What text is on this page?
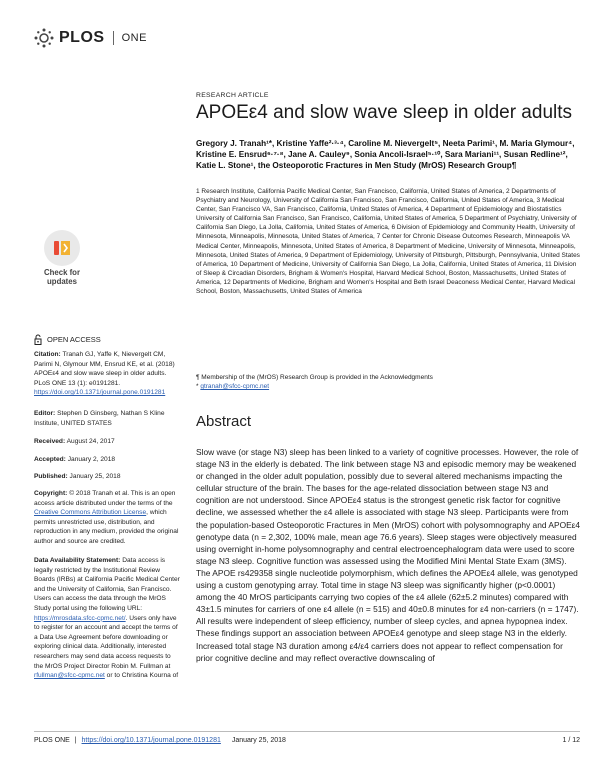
PLOS ONE
Check for
updates
OPEN ACCESS
Citation: Tranah GJ, Yaffe K, Nievergelt CM, Parimi N, Glymour MM, Ensrud KE, et al. (2018) APOEε4 and slow wave sleep in older adults. PLoS ONE 13 (1): e0191281. https://doi.org/10.1371/journal.pone.0191281
Editor: Stephen D Ginsberg, Nathan S Kline Institute, UNITED STATES
Received: August 24, 2017
Accepted: January 2, 2018
Published: January 25, 2018
Copyright: © 2018 Tranah et al. This is an open access article distributed under the terms of the Creative Commons Attribution License, which permits unrestricted use, distribution, and reproduction in any medium, provided the original author and source are credited.
Data Availability Statement: Data access is legally restricted by the Institutional Review Boards (IRBs) at California Pacific Medical Center and the University of California, San Francisco. Users can access the data through the MrOS Study portal using the following URL: https://mrosdata.sfcc-cpmc.net/. Users only have to register for an account and accept the terms of a Data Use Agreement before downloading or exploring clinical data. Additionally, interested researchers may send data access requests to the MrOS Project Director Robin M. Fullman at rfullman@sfcc-cpmc.net or to Christina Kourna of
RESEARCH ARTICLE
APOEε4 and slow wave sleep in older adults
Gregory J. Tranah¹*, Kristine Yaffe²·³·⁴, Caroline M. Nievergelt⁵, Neeta Parimi¹, M. Maria Glymour⁴, Kristine E. Ensrud⁶·⁷·⁸, Jane A. Cauley⁹, Sonia Ancoli-Israel⁵·¹⁰, Sara Mariani¹¹, Susan Redline¹², Katie L. Stone¹, the Osteoporotic Fractures in Men Study (MrOS) Research Group¶
1 Research Institute, California Pacific Medical Center, San Francisco, California, United States of America, 2 Departments of Psychiatry and Neurology, University of California San Francisco, San Francisco, California, United States of America, 3 Medical Center, San Francisco VA, San Francisco, California, United States of America, 4 Department of Epidemiology and Biostatistics University of California San Francisco, San Francisco, California, United States of America, 5 Department of Psychiatry, University of California San Diego, La Jolla, California, United States of America, 6 Division of Epidemiology and Community Health, University of Minnesota, Minneapolis, Minnesota, United States of America, 7 Center for Chronic Disease Outcomes Research, Minneapolis VA Medical Center, Minneapolis, Minnesota, United States of America, 8 Department of Medicine, University of Minnesota, Minneapolis, Minnesota, United States of America, 9 Department of Epidemiology, University of Pittsburgh, Pittsburgh, Pennsylvania, United States of America, 10 Department of Medicine, University of California San Diego, La Jolla, California, United States of America, 11 Division of Sleep & Circadian Disorders, Brigham & Women's Hospital, Harvard Medical School, Boston, Massachusetts, United States of America, 12 Departments of Medicine, Brigham and Women's Hospital and Beth Israel Deaconess Medical Center, Harvard Medical School, Boston, Massachusetts, United States of America
¶ Membership of the (MrOS) Research Group is provided in the Acknowledgments
* gtranah@sfcc-cpmc.net
Abstract
Slow wave (or stage N3) sleep has been linked to a variety of cognitive processes. However, the role of stage N3 in the elderly is debated. The link between stage N3 and episodic memory may be weakened or changed in the older adult population, possibly due to several altered mechanisms impacting the cellular structure of the brain. The bases for the age-related dissociation between stage N3 and cognition are not understood. Since APOEε4 status is the strongest genetic risk factor for cognitive decline, we assessed whether the ε4 allele is associated with stage N3 sleep. Participants were from the population-based Osteoporotic Fractures in Men (MrOS) cohort with polysomnography and APOEε4 genotype data (n = 2,302, 100% male, mean age 76.6 years). Sleep stages were objectively measured using overnight in-home polysomnography and central electroencephalogram data were used to score stage N3 sleep. Cognitive function was assessed using the Modified Mini Mental State Exam (3MS). The APOE rs429358 single nucleotide polymorphism, which defines the APOEε4 allele, was genotyped using a custom genotyping array. Total time in stage N3 sleep was significantly higher (p<0.0001) among the 40 MrOS participants carrying two copies of the ε4 allele (62±5.2 minutes) compared with 43±1.5 minutes for carriers of one ε4 allele (n = 515) and 40±0.8 minutes for ε4 non-carriers (n = 1747). All results were independent of sleep efficiency, number of sleep cycles, and apnea hypopnea index. These findings support an association between APOEε4 genotype and sleep stage N3 in the elderly. Increased total stage N3 duration among ε4/ε4 carriers does not appear to reflect compensation for prior cognitive decline and may reflect overactive downscaling of
PLOS ONE | https://doi.org/10.1371/journal.pone.0191281 January 25, 2018	1 / 12
